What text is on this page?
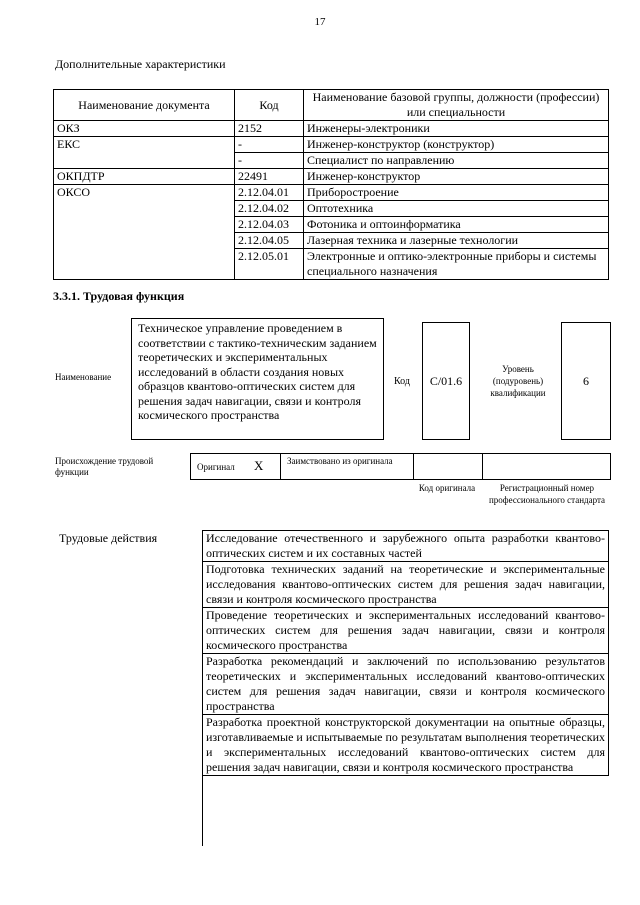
17
Дополнительные характеристики
Наименование документа	Код	Наименование базовой группы, должности (профессии) или специальности
ОКЗ	2152	Инженеры-электроники
ЕКС	-	Инженер-конструктор (конструктор)
	-	Специалист по направлению
ОКПДТР	22491	Инженер-конструктор
ОКСО	2.12.04.01	Приборостроение
	2.12.04.02	Оптотехника
	2.12.04.03	Фотоника и оптоинформатика
	2.12.04.05	Лазерная техника и лазерные технологии
	2.12.05.01	Электронные и оптико-электронные приборы и системы специального назначения
3.3.1. Трудовая функция
Наименование
Техническое управление проведением в соответствии с тактико-техническим заданием теоретических и экспериментальных исследований в области создания новых образцов квантово-оптических систем для решения задач навигации, связи и контроля космического пространства
Код	C/01.6
Уровень (подуровень) квалификации
6
Происхождение трудовой функции	Оригинал X	Заимствовано из оригинала
Код оригинала	Регистрационный номер профессионального стандарта
Трудовые действия	Исследование отечественного и зарубежного опыта разработки квантово-оптических систем и их составных частей
Подготовка технических заданий на теоретические и экспериментальные исследования квантово-оптических систем для решения задач навигации, связи и контроля космического пространства
Проведение теоретических и экспериментальных исследований квантово-оптических систем для решения задач навигации, связи и контроля космического пространства
Разработка рекомендаций и заключений по использованию результатов теоретических и экспериментальных исследований квантово-оптических систем для решения задач навигации, связи и контроля космического пространства
Разработка проектной конструкторской документации на опытные образцы, изготавливаемые и испытываемые по результатам выполнения теоретических и экспериментальных исследований квантово-оптических систем для решения задач навигации, связи и контроля космического пространства
